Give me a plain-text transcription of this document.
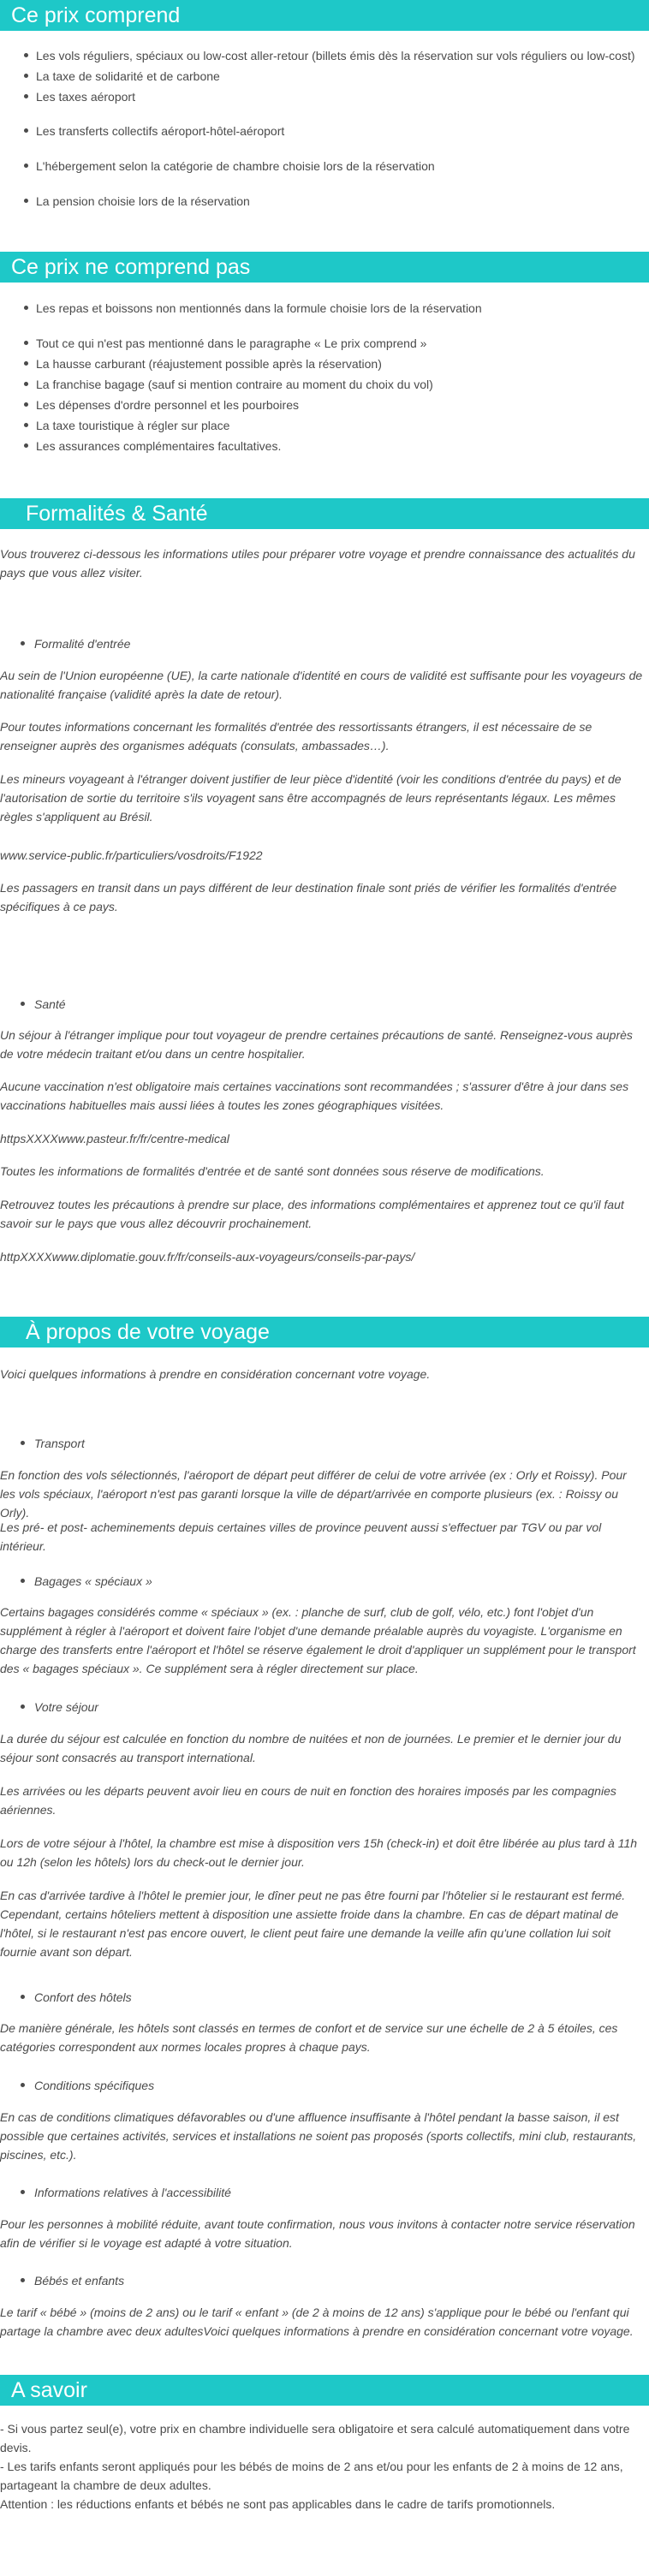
Ce prix comprend
Les vols réguliers, spéciaux ou low-cost aller-retour (billets émis dès la réservation sur vols réguliers ou low-cost)
La taxe de solidarité et de carbone
Les taxes aéroport
Les transferts collectifs aéroport-hôtel-aéroport
L'hébergement selon la catégorie de chambre choisie lors de la réservation
La pension choisie lors de la réservation
Ce prix ne comprend pas
Les repas et boissons non mentionnés dans la formule choisie lors de la réservation
Tout ce qui n'est pas mentionné dans le paragraphe « Le prix comprend »
La hausse carburant (réajustement possible après la réservation)
La franchise bagage (sauf si mention contraire au moment du choix du vol)
Les dépenses d'ordre personnel et les pourboires
La taxe touristique à régler sur place
Les assurances complémentaires facultatives.
Formalités & Santé

Vous trouverez ci-dessous les informations utiles pour préparer votre voyage et prendre connaissance des actualités du pays que vous allez visiter.

Formalité d'entrée

Au sein de l'Union européenne (UE), la carte nationale d'identité en cours de validité est suffisante pour les voyageurs de nationalité française (validité après la date de retour).

Pour toutes informations concernant les formalités d'entrée des ressortissants étrangers, il est nécessaire de se renseigner auprès des organismes adéquats (consulats, ambassades…).

Les mineurs voyageant à l'étranger doivent justifier de leur pièce d'identité (voir les conditions d'entrée du pays) et de l'autorisation de sortie du territoire s'ils voyagent sans être accompagnés de leurs représentants légaux. Les mêmes règles s'appliquent au Brésil.

www.service-public.fr/particuliers/vosdroits/F1922

Les passagers en transit dans un pays différent de leur destination finale sont priés de vérifier les formalités d'entrée spécifiques à ce pays.

Santé

Un séjour à l'étranger implique pour tout voyageur de prendre certaines précautions de santé. Renseignez-vous auprès de votre médecin traitant et/ou dans un centre hospitalier.

Aucune vaccination n'est obligatoire mais certaines vaccinations sont recommandées ; s'assurer d'être à jour dans ses vaccinations habituelles mais aussi liées à toutes les zones géographiques visitées.

httpsXXXXwww.pasteur.fr/fr/centre-medical

Toutes les informations de formalités d'entrée et de santé sont données sous réserve de modifications.

Retrouvez toutes les précautions à prendre sur place, des informations complémentaires et apprenez tout ce qu'il faut savoir sur le pays que vous allez découvrir prochainement.

httpXXXXwww.diplomatie.gouv.fr/fr/conseils-aux-voyageurs/conseils-par-pays/

À propos de votre voyage

Voici quelques informations à prendre en considération concernant votre voyage.

Transport

En fonction des vols sélectionnés, l'aéroport de départ peut différer de celui de votre arrivée (ex : Orly et Roissy). Pour les vols spéciaux, l'aéroport n'est pas garanti lorsque la ville de départ/arrivée en comporte plusieurs (ex. : Roissy ou Orly).

Les pré- et post- acheminements depuis certaines villes de province peuvent aussi s'effectuer par TGV ou par vol intérieur.

Bagages « spéciaux »

Certains bagages considérés comme « spéciaux » (ex. : planche de surf, club de golf, vélo, etc.) font l'objet d'un supplément à régler à l'aéroport et doivent faire l'objet d'une demande préalable auprès du voyagiste. L'organisme en charge des transferts entre l'aéroport et l'hôtel se réserve également le droit d'appliquer un supplément pour le transport des « bagages spéciaux ». Ce supplément sera à régler directement sur place.

Votre séjour

La durée du séjour est calculée en fonction du nombre de nuitées et non de journées. Le premier et le dernier jour du séjour sont consacrés au transport international.

Les arrivées ou les départs peuvent avoir lieu en cours de nuit en fonction des horaires imposés par les compagnies aériennes.

Lors de votre séjour à l'hôtel, la chambre est mise à disposition vers 15h (check-in) et doit être libérée au plus tard à 11h ou 12h (selon les hôtels) lors du check-out le dernier jour.

En cas d'arrivée tardive à l'hôtel le premier jour, le dîner peut ne pas être fourni par l'hôtelier si le restaurant est fermé. Cependant, certains hôteliers mettent à disposition une assiette froide dans la chambre. En cas de départ matinal de l'hôtel, si le restaurant n'est pas encore ouvert, le client peut faire une demande la veille afin qu'une collation lui soit fournie avant son départ.

Confort des hôtels

De manière générale, les hôtels sont classés en termes de confort et de service sur une échelle de 2 à 5 étoiles, ces catégories correspondent aux normes locales propres à chaque pays.

Conditions spécifiques

En cas de conditions climatiques défavorables ou d'une affluence insuffisante à l'hôtel pendant la basse saison, il est possible que certaines activités, services et installations ne soient pas proposés (sports collectifs, mini club, restaurants, piscines, etc.).

Informations relatives à l'accessibilité

Pour les personnes à mobilité réduite, avant toute confirmation, nous vous invitons à contacter notre service réservation afin de vérifier si le voyage est adapté à votre situation.

Bébés et enfants

Le tarif « bébé » (moins de 2 ans) ou le tarif « enfant » (de 2 à moins de 12 ans) s'applique pour le bébé ou l'enfant qui partage la chambre avec deux adultesVoici quelques informations à prendre en considération concernant votre voyage.

A savoir

- Si vous partez seul(e), votre prix en chambre individuelle sera obligatoire et sera calculé automatiquement dans votre devis.

- Les tarifs enfants seront appliqués pour les bébés de moins de 2 ans et/ou pour les enfants de 2 à moins de 12 ans, partageant la chambre de deux adultes.

Attention : les réductions enfants et bébés ne sont pas applicables dans le cadre de tarifs promotionnels.
